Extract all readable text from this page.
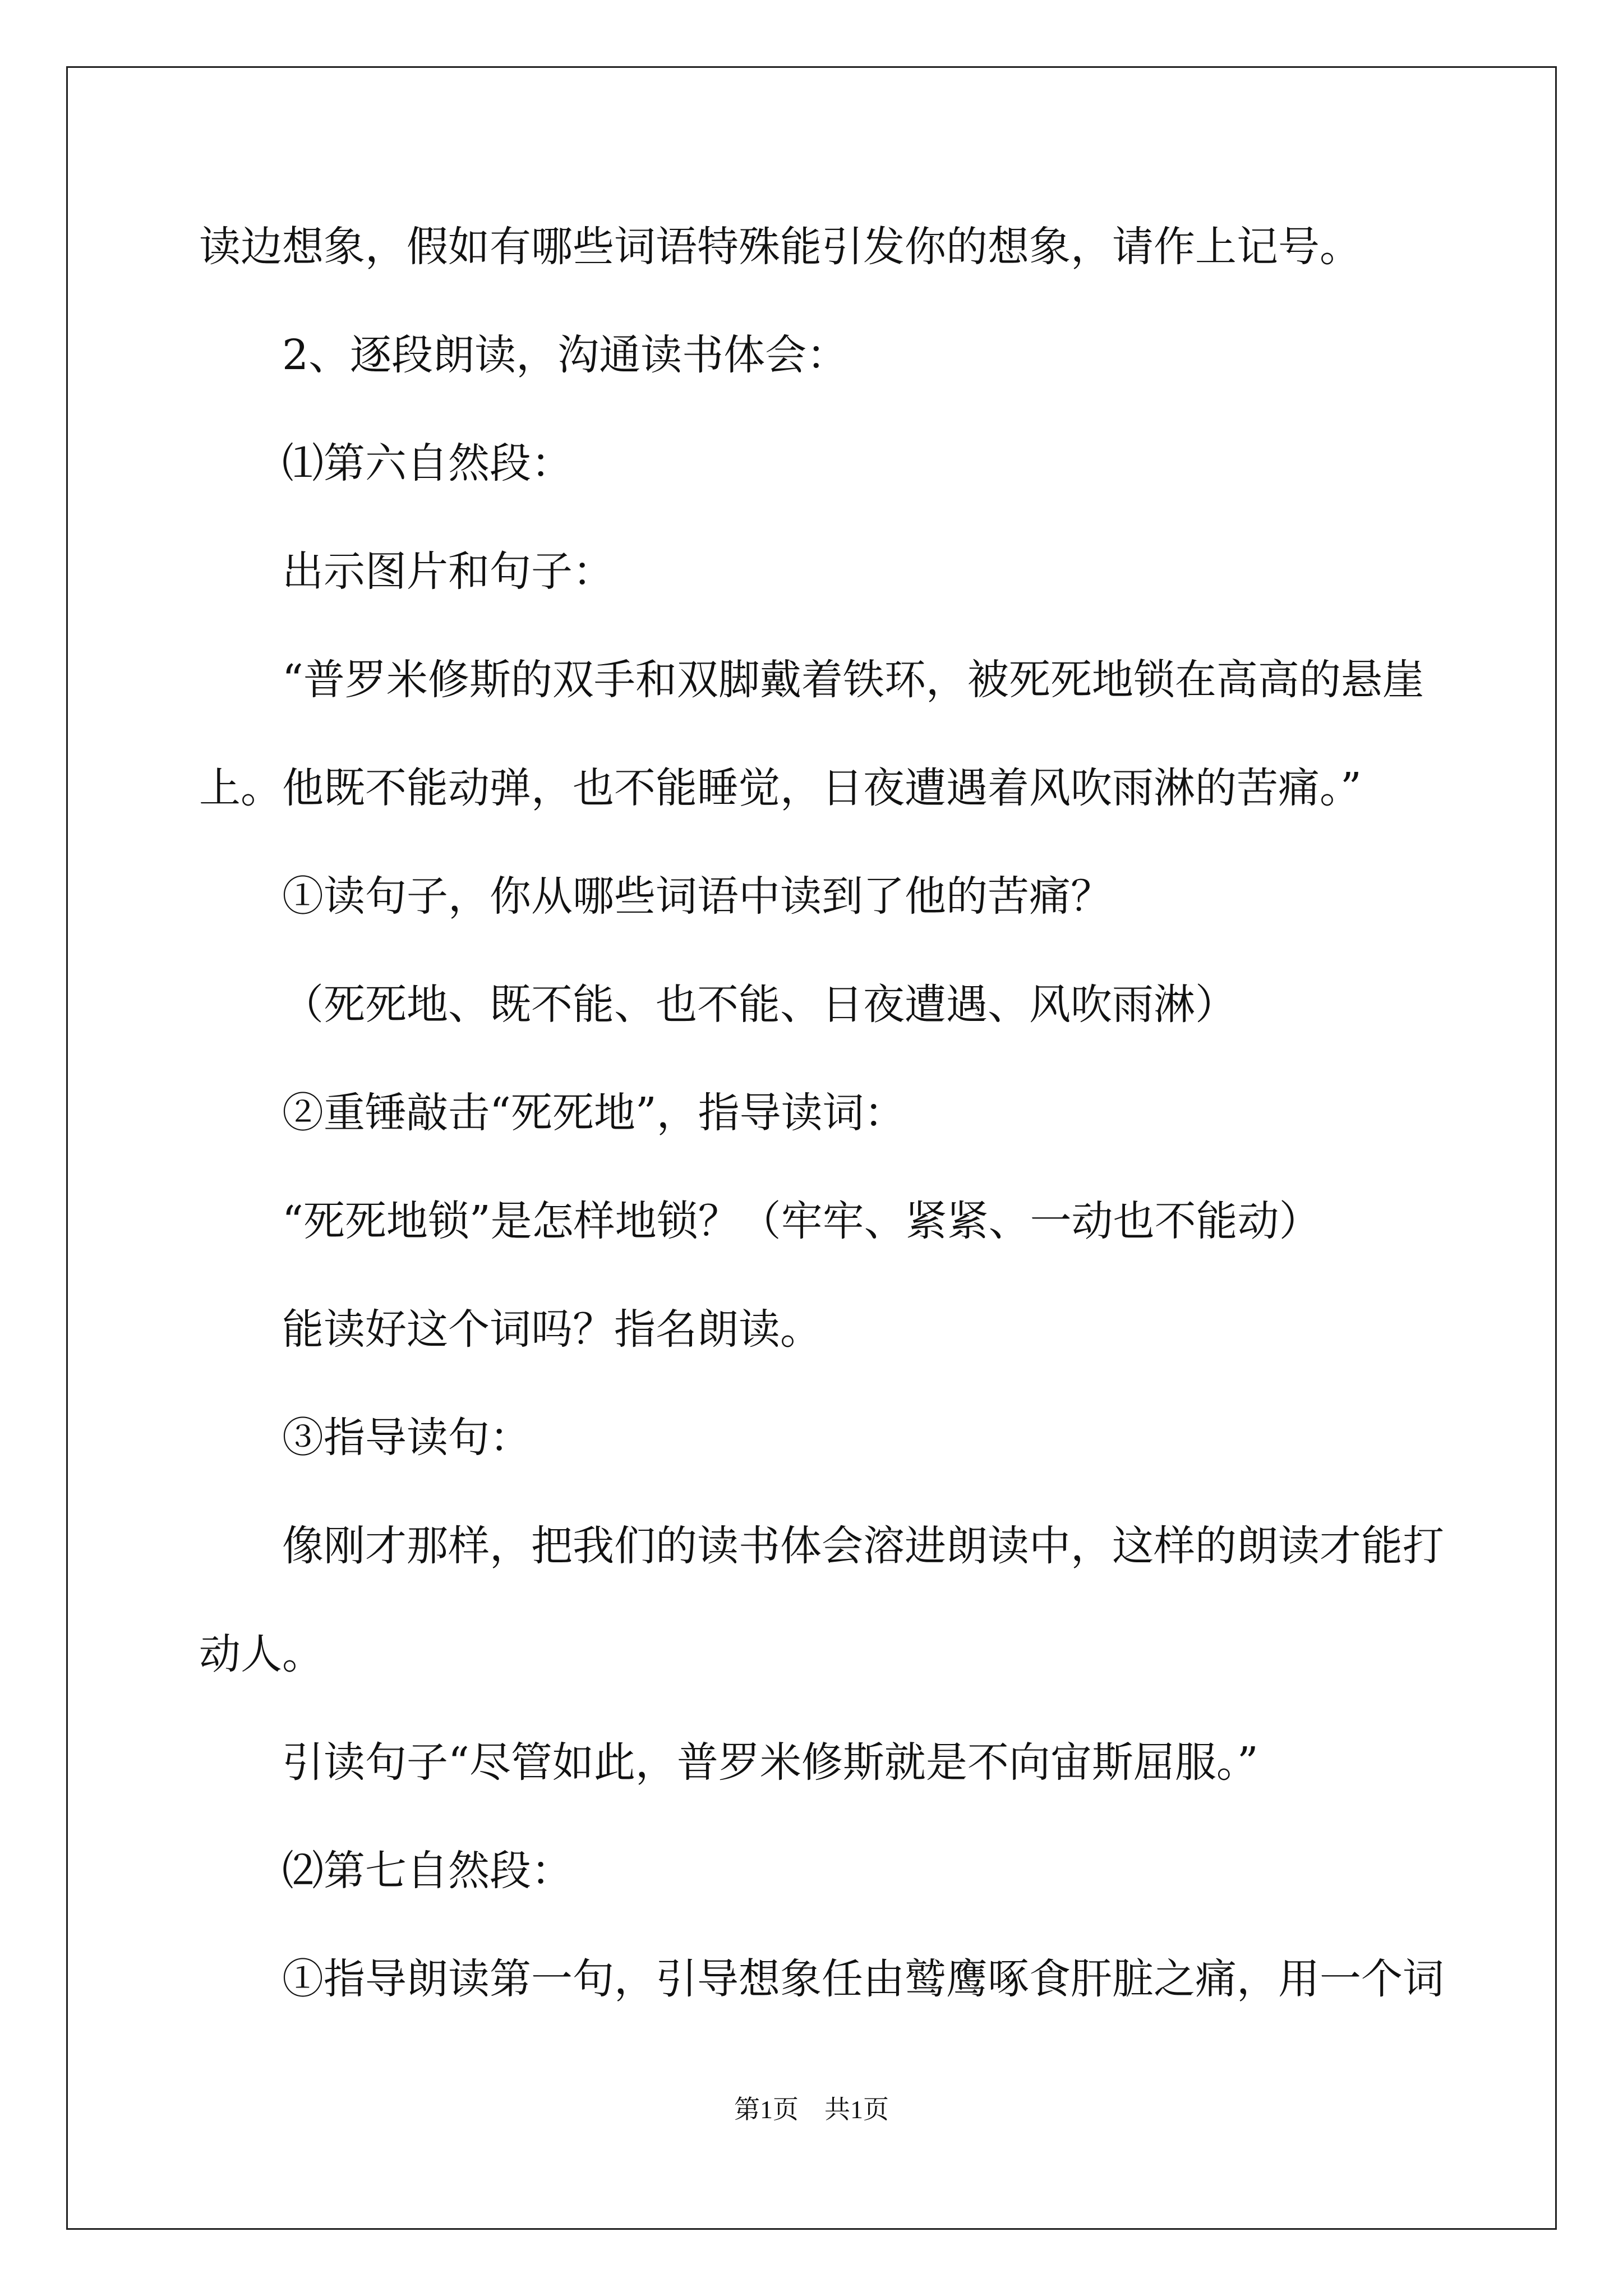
读边想象，假如有哪些词语特殊能引发你的想象，请作上记号。
2、逐段朗读，沟通读书体会：
⑴第六自然段：
出示图片和句子：
“普罗米修斯的双手和双脚戴着铁环，被死死地锁在高高的悬崖
上。他既不能动弹，也不能睡觉，日夜遭遇着风吹雨淋的苦痛。”
①读句子，你从哪些词语中读到了他的苦痛？
（死死地、既不能、也不能、日夜遭遇、风吹雨淋）
②重锤敲击“死死地”，指导读词：
“死死地锁”是怎样地锁？（牢牢、紧紧、一动也不能动）
能读好这个词吗？指名朗读。
③指导读句：
像刚才那样，把我们的读书体会溶进朗读中，这样的朗读才能打
动人。
引读句子“尽管如此，普罗米修斯就是不向宙斯屈服。”
⑵第七自然段：
①指导朗读第一句，引导想象任由鹫鹰啄食肝脏之痛，用一个词
第1页　共1页
